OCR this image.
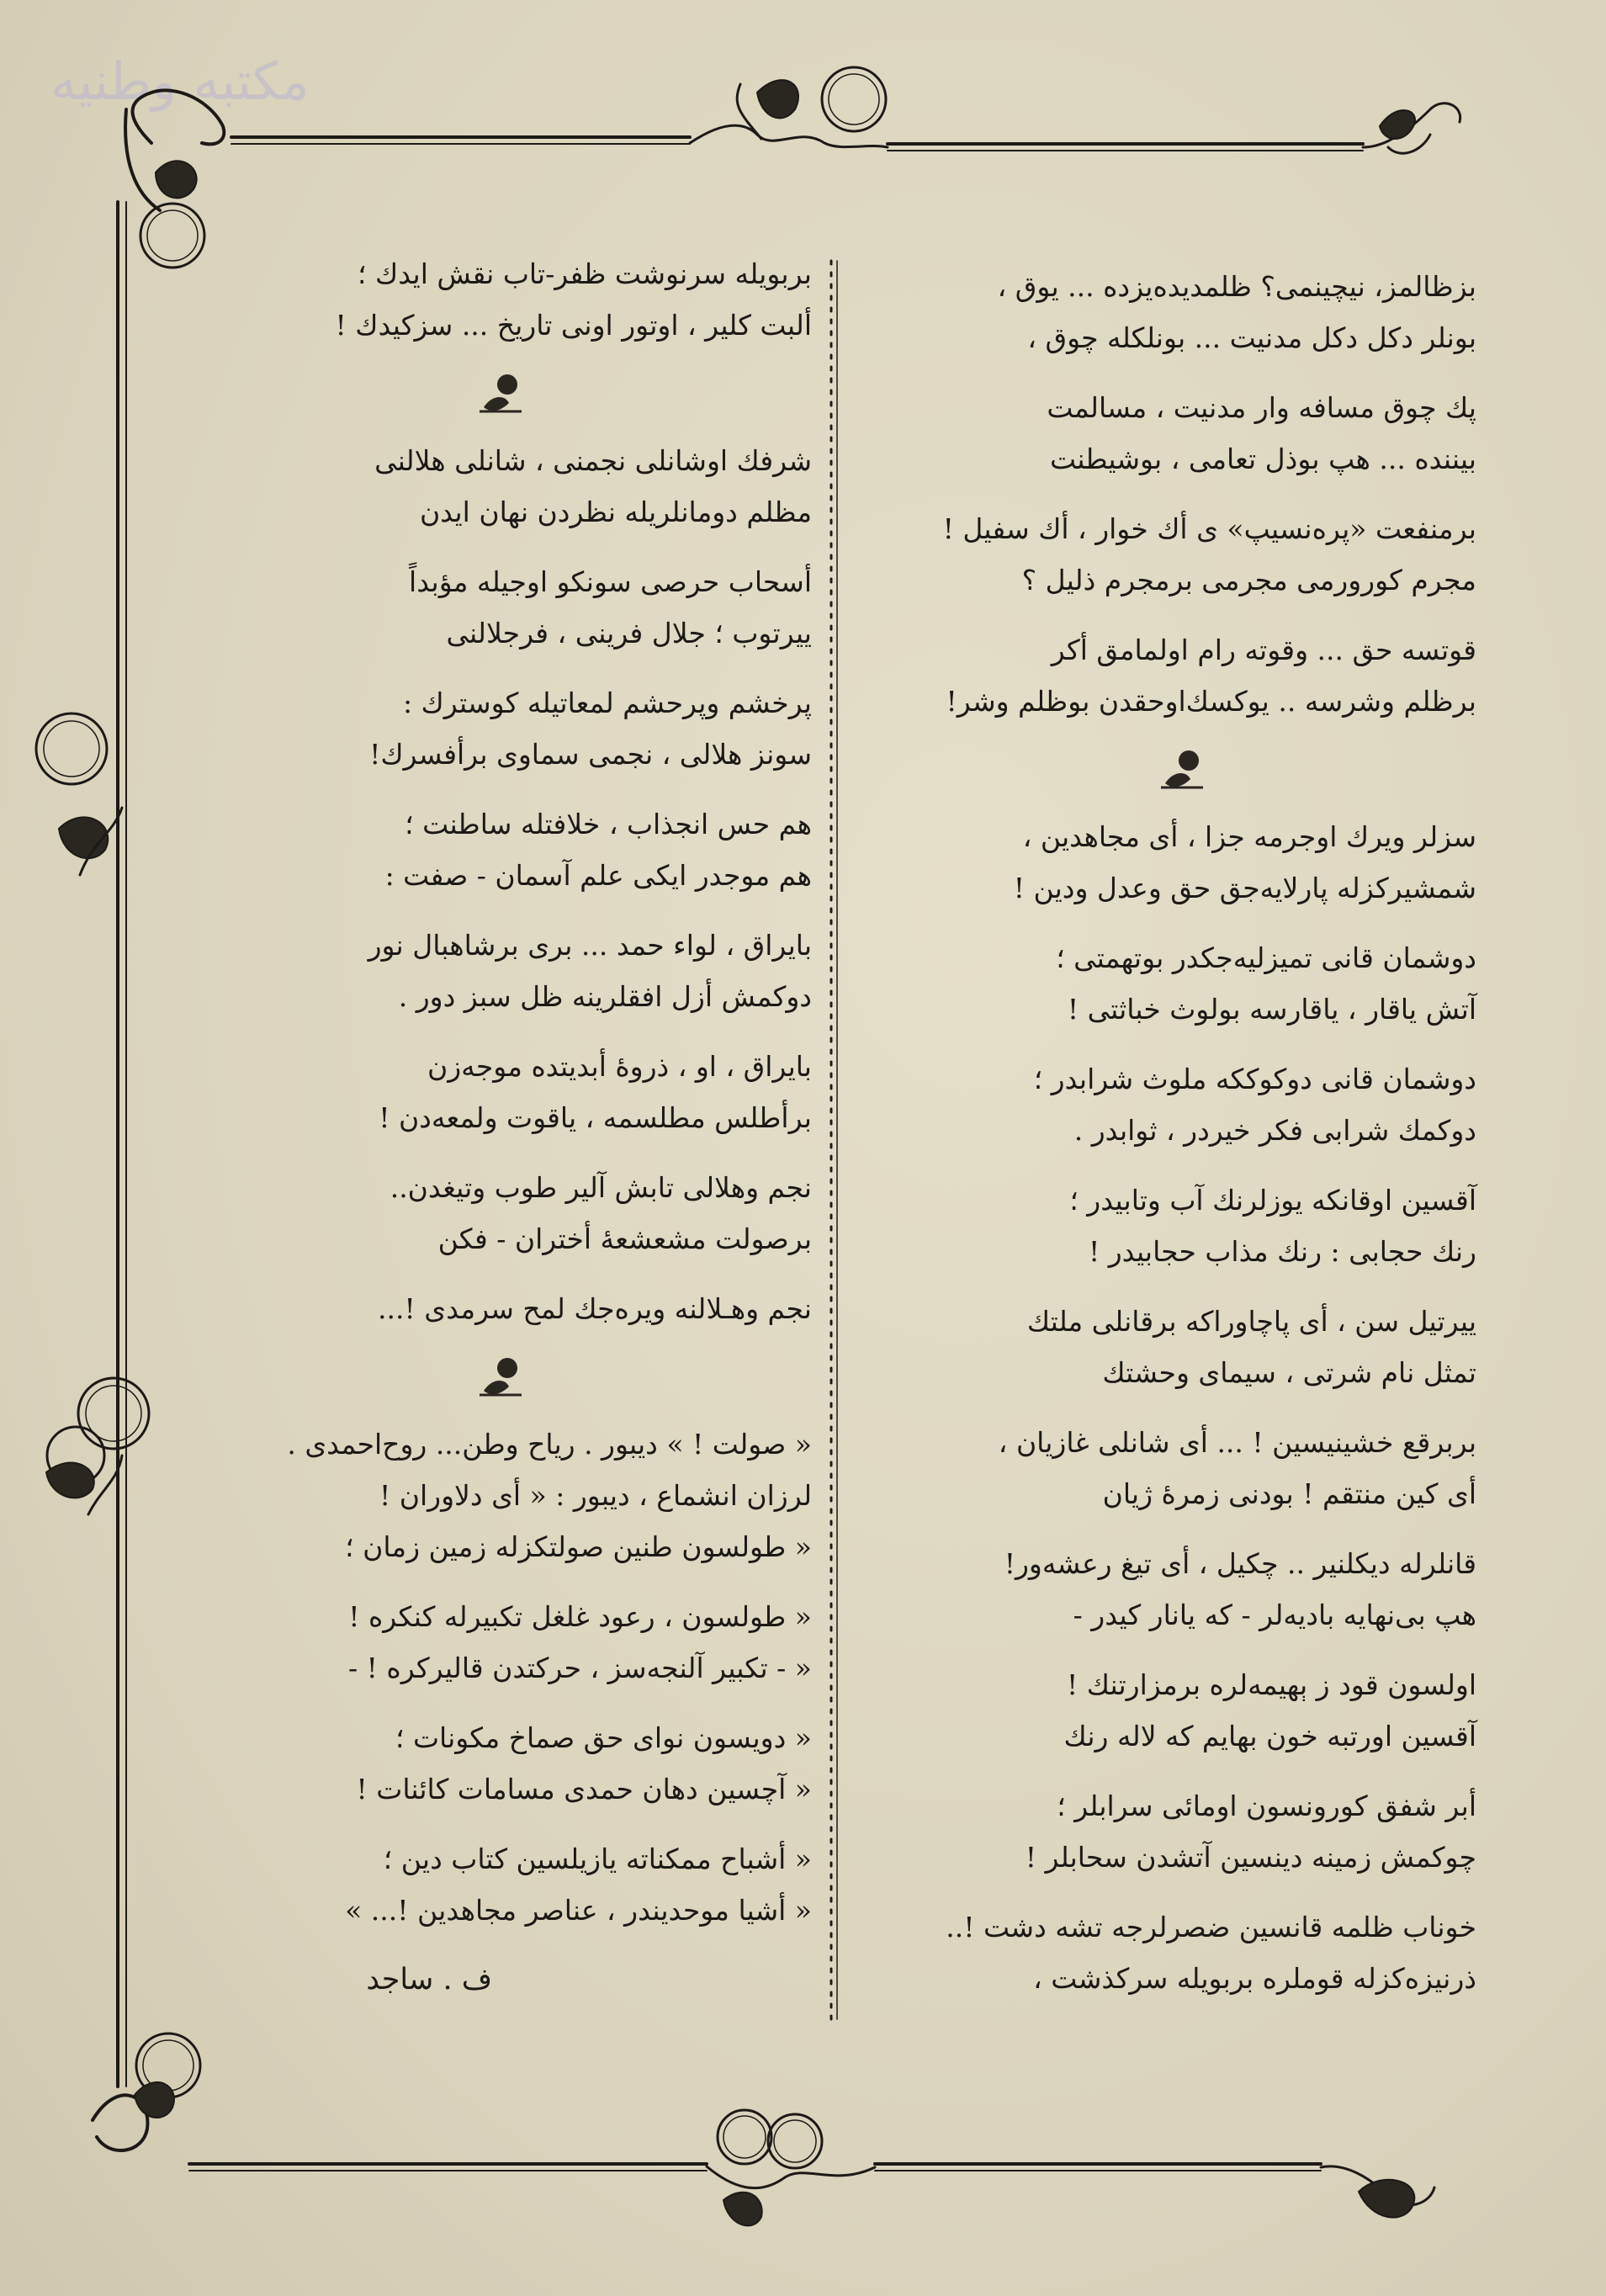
مكتبه وطنيه
بزظالمز، نيچينمى؟ ظلمديده‌يزده ... يوق ،
بونلر دكل دكل مدنيت ... بونلكله چوق ،
پك چوق مسافه وار مدنيت ، مسالمت
بيننده ... هپ بوذل تعامى ، بوشيطنت
برمنفعت «پره‌نسيپ» ى أك خوار ، أك سفيل !
مجرم كورورمى مجرمى برمجرم ذليل ؟
قوتسه حق ... وقوته رام اولمامق أكر
برظلم وشرسه .. يوكسك‌اوحقدن بوظلم وشر!
سزلر ويرك اوجرمه جزا ، أى مجاهدين ،
شمشيركزله پارلايه‌جق حق وعدل ودين !
دوشمان قانى تميزليه‌جكدر بوتهمتى ؛
آتش ياقار ، ياقارسه بولوث خباثتى !
دوشمان قانى دوكوككه ملوث شرابدر ؛
دوكمك شرابى فكر خيردر ، ثوابدر .
آقسين اوقانكه يوزلرنك آب وتابيدر ؛
رنك حجابى : رنك مذاب حجابيدر !
ييرتيل سن ، أى پاچاوراكه برقانلى ملتك
تمثل نام شرتى ، سيماى وحشتك
بربرقع خشينيسين ! ... أى شانلى غازيان ،
أى كين منتقم ! بودنى زمرهٔ ژيان
قانلرله ديكلنير .. چكيل ، أى تيغ رعشه‌ور!
هپ بى‌نهايه باديه‌لر - كه يانار كيدر -
اولسون قود ز ېهيمه‌لره برمزارتنك !
آقسين اورتبه خون بهايم كه لاله رنك
أبر شفق كورونسون اومائى سرابلر ؛
چوكمش زمينه دينسين آتشدن سحابلر !
خوناب ظلمه قانسين ضصرلرجه تشه دشت !..
ذرنيزه‌كزله قوملره بربويله سركذشت ،
بربويله سرنوشت ظفر-تاب نقش ايدك ؛
ألبت كلير ، اوتور اونى تاريخ ... سزكيدك !
شرفك اوشانلى نجمنى ، شانلى هلالنى
مظلم دومانلريله نظردن نهان ايدن
أسحاب حرصى سونكو اوجيله مؤبداً
ييرتوب ؛ جلال فرينى ، فرجلالنى
پرخشم وپرحشم لمعاتيله كوسترك :
سونز هلالى ، نجمى سماوى برأفسرك!
هم حس انجذاب ، خلافتله ساطنت ؛
هم موجدر ايكى علم آسمان - صفت :
بايراق ، لواء حمد ... برى برشاهبال نور
دوكمش أزل افقلرينه ظل سبز دور .
بايراق ، او ، ذروهٔ أبديتده موجه‌زن
برأطلس مطلسمه ، ياقوت ولمعه‌دن !
نجم وهلالى تابش آلير طوب وتيغدن..
برصولت مشعشعهٔ أختران - فكن
نجم وهـلالنه ويره‌جك لمح سرمدى !...
« صولت ! » ديبور . رياح وطن... روح‌احمدى .
لرزان انشماع ، ديبور : « أى دلاوران !
« طولسون طنين صولتكزله زمين زمان ؛
« طولسون ، رعود غلغل تكبيرله كنكره !
« - تكبير آلنجه‌سز ، حركتدن قاليركره ! -
« دويسون نواى حق صماخ مكونات ؛
« آچسين دهان حمدى مسامات كائنات !
« أشباح ممكناته يازيلسين كتاب دين ؛
« أشيا موحديندر ، عناصر مجاهدين !... »
ف . ساجد
